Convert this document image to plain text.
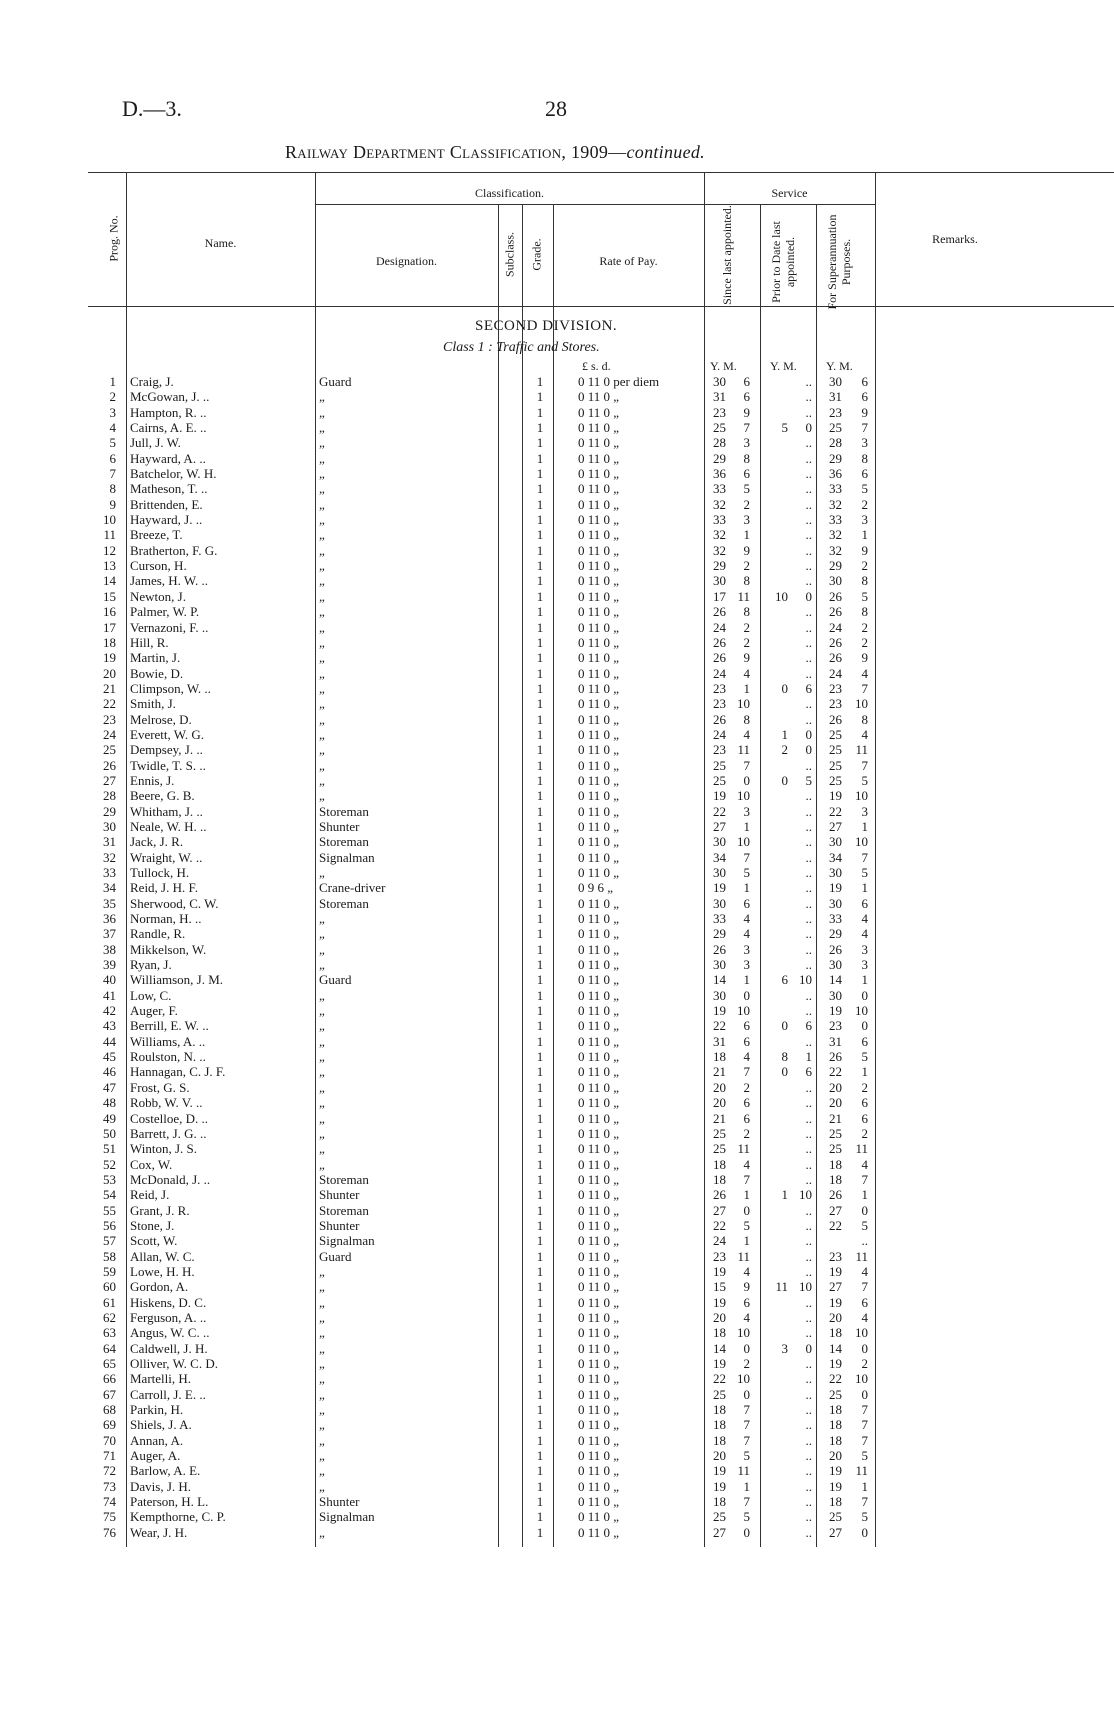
D.—3.	28
Railway Department Classification, 1909—continued.
Prog. No.	Name.
Classification.
Designation.	Subclass. Grade.	Rate of Pay.
Service
Since last appointed.	Prior to Date last appointed. For Superannuation Purposes.	Remarks.
SECOND DIVISION.
Class 1 : Traffic and Stores.
£ s. d.	Y. M.	Y. M. Y. M.
1 Craig, J.	Guard	1	0 11 0 per diem	30	6	..	30	6
2 McGowan, J. ..	„	1	0 11 0 „	31	6	..	31	6
3 Hampton, R. ..	„	1	0 11 0 „	23	9	..	23	9
4 Cairns, A. E. ..	„	1	0 11 0 „	25	7	5	0	25	7
5 Jull, J. W.	„	1	0 11 0 „	28	3	..	28	3
6 Hayward, A. ..	„	1	0 11 0 „	29	8	..	29	8
7 Batchelor, W. H.	„	1	0 11 0 „	36	6	..	36	6
8 Matheson, T. ..	„	1	0 11 0 „	33	5	..	33	5
9 Brittenden, E.	„	1	0 11 0 „	32	2	..	32	2
10 Hayward, J. ..	„	1	0 11 0 „	33	3	..	33	3
11 Breeze, T.	„	1	0 11 0 „	32	1	..	32	1
12 Bratherton, F. G.	„	1	0 11 0 „	32	9	..	32	9
13 Curson, H.	„	1	0 11 0 „	29	2	..	29	2
14 James, H. W. ..	„	1	0 11 0 „	30	8	..	30	8
15 Newton, J.	„	1	0 11 0 „	17 11	10	0	26	5
16 Palmer, W. P.	„	1	0 11 0 „	26	8	..	26	8
17 Vernazoni, F. ..	„	1	0 11 0 „	24	2	..	24	2
18 Hill, R.	„	1	0 11 0 „	26	2	..	26	2
19 Martin, J.	„	1	0 11 0 „	26	9	..	26	9
20 Bowie, D.	„	1	0 11 0 „	24	4	..	24	4
21 Climpson, W. ..	„	1	0 11 0 „	23	1	0	6	23	7
22 Smith, J.	„	1	0 11 0 „	23 10	..	23	10
23 Melrose, D.	„	1	0 11 0 „	26	8	..	26	8
24 Everett, W. G.	„	1	0 11 0 „	24	4	1	0	25	4
25 Dempsey, J. ..	„	1	0 11 0 „	23 11	2	0	25	11
26 Twidle, T. S. ..	„	1	0 11 0 „	25	7	..	25	7
27 Ennis, J.	„	1	0 11 0 „	25	0	0	5	25	5
28 Beere, G. B.	„	1	0 11 0 „	19 10	..	19	10
29 Whitham, J. ..	Storeman	1	0 11 0 „	22	3	..	22	3
30 Neale, W. H. ..	Shunter	1	0 11 0 „	27	1	..	27	1
31 Jack, J. R.	Storeman	1	0 11 0 „	30 10	..	30	10
32 Wraight, W. ..	Signalman	1	0 11 0 „	34	7	..	34	7
33 Tullock, H.	„	1	0 11 0 „	30	5	..	30	5
34 Reid, J. H. F.	Crane-driver	1	0 9 6 „	19	1	..	19	1
35 Sherwood, C. W.	Storeman	1	0 11 0 „	30	6	..	30	6
36 Norman, H. ..	„	1	0 11 0 „	33	4	..	33	4
37 Randle, R.	„	1	0 11 0 „	29	4	..	29	4
38 Mikkelson, W.	„	1	0 11 0 „	26	3	..	26	3
39 Ryan, J.	„	1	0 11 0 „	30	3	..	30	3
40 Williamson, J. M.	Guard	1	0 11 0 „	14	1	6 10	14	1
41 Low, C.	„	1	0 11 0 „	30	0	..	30	0
42 Auger, F.	„	1	0 11 0 „	19 10	..	19	10
43 Berrill, E. W. ..	„	1	0 11 0 „	22	6	0	6	23	0
44 Williams, A. ..	„	1	0 11 0 „	31	6	..	31	6
45 Roulston, N. ..	„	1	0 11 0 „	18	4	8	1	26	5
46 Hannagan, C. J. F.	„	1	0 11 0 „	21	7	0	6	22	1
47 Frost, G. S.	„	1	0 11 0 „	20	2	..	20	2
48 Robb, W. V. ..	„	1	0 11 0 „	20	6	..	20	6
49 Costelloe, D. ..	„	1	0 11 0 „	21	6	..	21	6
50 Barrett, J. G. ..	„	1	0 11 0 „	25	2	..	25	2
51 Winton, J. S.	„	1	0 11 0 „	25 11	..	25	11
52 Cox, W.	„	1	0 11 0 „	18	4	..	18	4
53 McDonald, J. ..	Storeman	1	0 11 0 „	18	7	..	18	7
54 Reid, J.	Shunter	1	0 11 0 „	26	1	1 10	26	1
55 Grant, J. R.	Storeman	1	0 11 0 „	27	0	..	27	0
56 Stone, J.	Shunter	1	0 11 0 „	22	5	..	22	5
57 Scott, W.	Signalman	1	0 11 0 „	24	1	..	..
58 Allan, W. C.	Guard	1	0 11 0 „	23 11	..	23	11
59 Lowe, H. H.	„	1	0 11 0 „	19	4	..	19	4
60 Gordon, A.	„	1	0 11 0 „	15	9	11 10	27	7
61 Hiskens, D. C.	„	1	0 11 0 „	19	6	..	19	6
62 Ferguson, A. ..	„	1	0 11 0 „	20	4	..	20	4
63 Angus, W. C. ..	„	1	0 11 0 „	18 10	..	18	10
64 Caldwell, J. H.	„	1	0 11 0 „	14	0	3	0	14	0
65 Olliver, W. C. D.	„	1	0 11 0 „	19	2	..	19	2
66 Martelli, H.	„	1	0 11 0 „	22 10	..	22	10
67 Carroll, J. E. ..	„	1	0 11 0 „	25	0	..	25	0
68 Parkin, H.	„	1	0 11 0 „	18	7	..	18	7
69 Shiels, J. A.	„	1	0 11 0 „	18	7	..	18	7
70 Annan, A.	„	1	0 11 0 „	18	7	..	18	7
71 Auger, A.	„	1	0 11 0 „	20	5	..	20	5
72 Barlow, A. E.	„	1	0 11 0 „	19 11	..	19	11
73 Davis, J. H.	„	1	0 11 0 „	19	1	..	19	1
74 Paterson, H. L.	Shunter	1	0 11 0 „	18	7	..	18	7
75 Kempthorne, C. P.	Signalman	1	0 11 0 „	25	5	..	25	5
76 Wear, J. H.	„	1	0 11 0 „	27	0	..	27	0
